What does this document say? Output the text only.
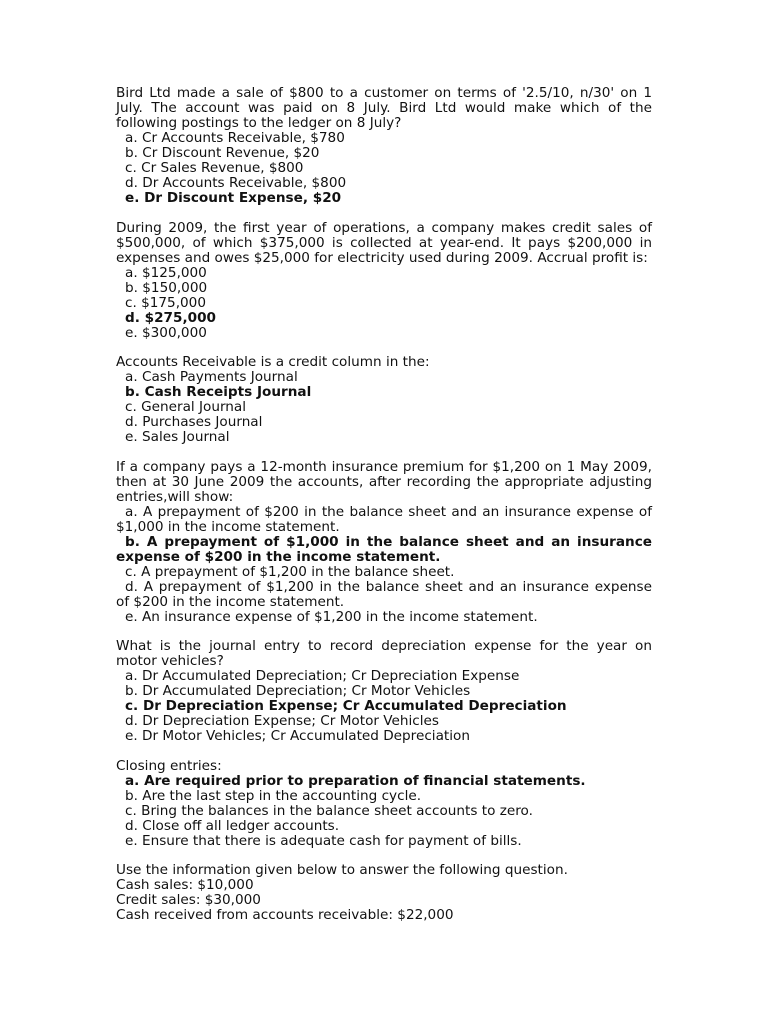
Bird Ltd made a sale of $800 to a customer on terms of '2.5/10, n/30' on 1 July. The account was paid on 8 July. Bird Ltd would make which of the following postings to the ledger on 8 July?
a. Cr Accounts Receivable, $780
b. Cr Discount Revenue, $20
c. Cr Sales Revenue, $800
d. Dr Accounts Receivable, $800
e. Dr Discount Expense, $20
During 2009, the first year of operations, a company makes credit sales of $500,000, of which $375,000 is collected at year-end. It pays $200,000 in expenses and owes $25,000 for electricity used during 2009. Accrual profit is:
a. $125,000
b. $150,000
c. $175,000
d. $275,000
e. $300,000
Accounts Receivable is a credit column in the:
a. Cash Payments Journal
b. Cash Receipts Journal
c. General Journal
d. Purchases Journal
e. Sales Journal
If a company pays a 12-month insurance premium for $1,200 on 1 May 2009, then at 30 June 2009 the accounts, after recording the appropriate adjusting entries,will show:
a. A prepayment of $200 in the balance sheet and an insurance expense of $1,000 in the income statement.
b. A prepayment of $1,000 in the balance sheet and an insurance expense of $200 in the income statement.
c. A prepayment of $1,200 in the balance sheet.
d. A prepayment of $1,200 in the balance sheet and an insurance expense of $200 in the income statement.
e. An insurance expense of $1,200 in the income statement.
What is the journal entry to record depreciation expense for the year on motor vehicles?
a. Dr Accumulated Depreciation; Cr Depreciation Expense
b. Dr Accumulated Depreciation; Cr Motor Vehicles
c. Dr Depreciation Expense; Cr Accumulated Depreciation
d. Dr Depreciation Expense; Cr Motor Vehicles
e. Dr Motor Vehicles; Cr Accumulated Depreciation
Closing entries:
a. Are required prior to preparation of financial statements.
b. Are the last step in the accounting cycle.
c. Bring the balances in the balance sheet accounts to zero.
d. Close off all ledger accounts.
e. Ensure that there is adequate cash for payment of bills.
Use the information given below to answer the following question.
Cash sales: $10,000
Credit sales: $30,000
Cash received from accounts receivable: $22,000
